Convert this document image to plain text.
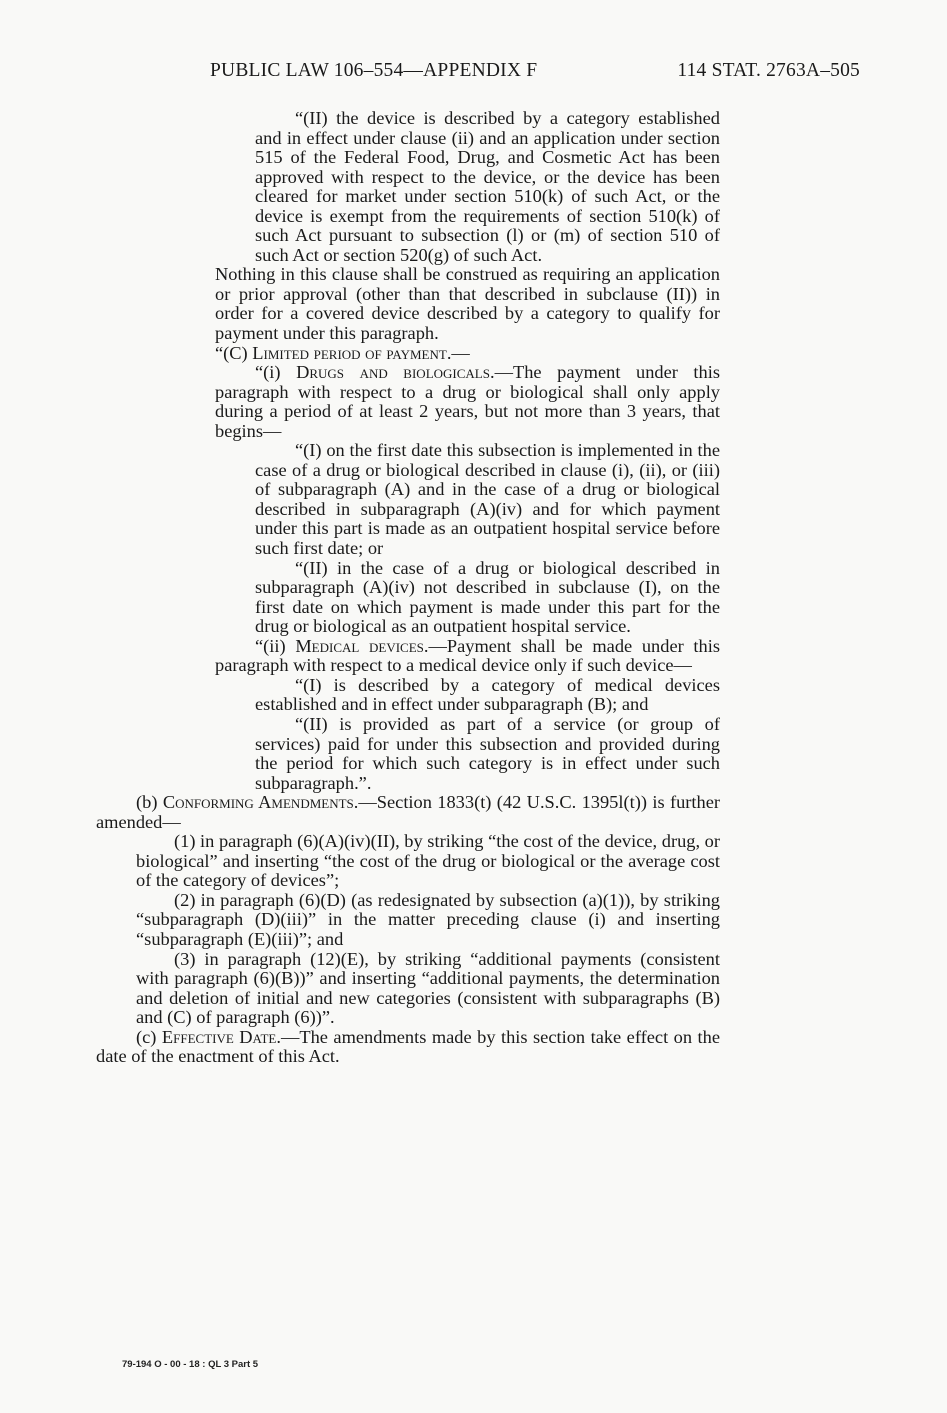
PUBLIC LAW 106–554—APPENDIX F	114 STAT. 2763A–505

“(II) the device is described by a category established and in effect under clause (ii) and an application under section 515 of the Federal Food, Drug, and Cosmetic Act has been approved with respect to the device, or the device has been cleared for market under section 510(k) of such Act, or the device is exempt from the requirements of section 510(k) of such Act pursuant to subsection (l) or (m) of section 510 of such Act or section 520(g) of such Act.

Nothing in this clause shall be construed as requiring an application or prior approval (other than that described in subclause (II)) in order for a covered device described by a category to qualify for payment under this paragraph.

“(C) Limited period of payment.—

“(i) Drugs and biologicals.—The payment under this paragraph with respect to a drug or biological shall only apply during a period of at least 2 years, but not more than 3 years, that begins—

“(I) on the first date this subsection is implemented in the case of a drug or biological described in clause (i), (ii), or (iii) of subparagraph (A) and in the case of a drug or biological described in subparagraph (A)(iv) and for which payment under this part is made as an outpatient hospital service before such first date; or

“(II) in the case of a drug or biological described in subparagraph (A)(iv) not described in subclause (I), on the first date on which payment is made under this part for the drug or biological as an outpatient hospital service.

“(ii) Medical devices.—Payment shall be made under this paragraph with respect to a medical device only if such device—

“(I) is described by a category of medical devices established and in effect under subparagraph (B); and

“(II) is provided as part of a service (or group of services) paid for under this subsection and provided during the period for which such category is in effect under such subparagraph.”.

(b) Conforming Amendments.—Section 1833(t) (42 U.S.C. 1395l(t)) is further amended—

(1) in paragraph (6)(A)(iv)(II), by striking “the cost of the device, drug, or biological” and inserting “the cost of the drug or biological or the average cost of the category of devices”;

(2) in paragraph (6)(D) (as redesignated by subsection (a)(1)), by striking “subparagraph (D)(iii)” in the matter preceding clause (i) and inserting “subparagraph (E)(iii)”; and

(3) in paragraph (12)(E), by striking “additional payments (consistent with paragraph (6)(B))” and inserting “additional payments, the determination and deletion of initial and new categories (consistent with subparagraphs (B) and (C) of paragraph (6))”.

(c) Effective Date.—The amendments made by this section take effect on the date of the enactment of this Act.

79-194 O - 00 - 18 : QL 3 Part 5
